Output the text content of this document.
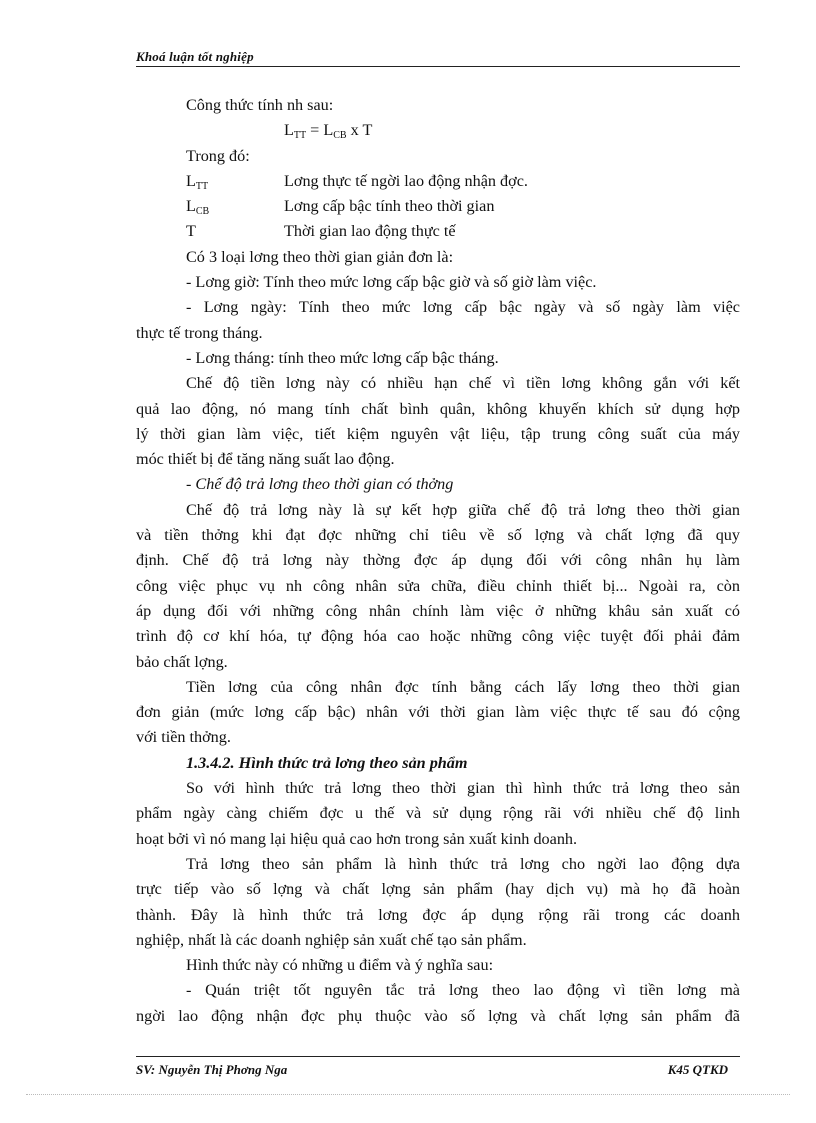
Khoá luận tốt nghiệp
Công thức tính nh sau:
LTT = LCB x T
Trong đó:
LTT	Lơng thực tế ngời lao động nhận đợc.
LCB	Lơng cấp bậc tính theo thời gian
T	Thời gian lao động thực tế
Có 3 loại lơng theo thời gian giản đơn là:
- Lơng giờ: Tính theo mức lơng cấp bậc giờ và số giờ làm việc.
- Lơng ngày: Tính theo mức lơng cấp bậc ngày và số ngày làm việc
thực tế trong tháng.
- Lơng tháng: tính theo mức lơng cấp bậc tháng.
Chế độ tiền lơng này có nhiều hạn chế vì tiền lơng không gắn với kết
quả lao động, nó mang tính chất bình quân, không khuyến khích sử dụng hợp
lý thời gian làm việc, tiết kiệm nguyên vật liệu, tập trung công suất của máy
móc thiết bị để tăng năng suất lao động.
- Chế độ trả lơng theo thời gian có thởng
Chế độ trả lơng này là sự kết hợp giữa chế độ trả lơng theo thời gian
và tiền thởng khi đạt đợc những chỉ tiêu về số lợng và chất lợng đã quy
định. Chế độ trả lơng này thờng đợc áp dụng đối với công nhân hụ làm
công việc phục vụ nh công nhân sửa chữa, điều chỉnh thiết bị... Ngoài ra, còn
áp dụng đối với những công nhân chính làm việc ở những khâu sản xuất có
trình độ cơ khí hóa, tự động hóa cao hoặc những công việc tuyệt đối phải đảm
bảo chất lợng.
Tiền lơng của công nhân đợc tính bằng cách lấy lơng theo thời gian
đơn giản (mức lơng cấp bậc) nhân với thời gian làm việc thực tế sau đó cộng
với tiền thởng.
1.3.4.2. Hình thức trả lơng theo sản phẩm
So với hình thức trả lơng theo thời gian thì hình thức trả lơng theo sản
phẩm ngày càng chiếm đợc u thế và sử dụng rộng rãi với nhiều chế độ linh
hoạt bởi vì nó mang lại hiệu quả cao hơn trong sản xuất kinh doanh.
Trả lơng theo sản phẩm là hình thức trả lơng cho ngời lao động dựa
trực tiếp vào số lợng và chất lợng sản phẩm (hay dịch vụ) mà họ đã hoàn
thành. Đây là hình thức trả lơng đợc áp dụng rộng rãi trong các doanh
nghiệp, nhất là các doanh nghiệp sản xuất chế tạo sản phẩm.
Hình thức này có những u điểm và ý nghĩa sau:
- Quán triệt tốt nguyên tắc trả lơng theo lao động vì tiền lơng mà
ngời lao động nhận đợc phụ thuộc vào số lợng và chất lợng sản phẩm đã
SV: Nguyễn Thị Phơng Nga	K45 QTKD
